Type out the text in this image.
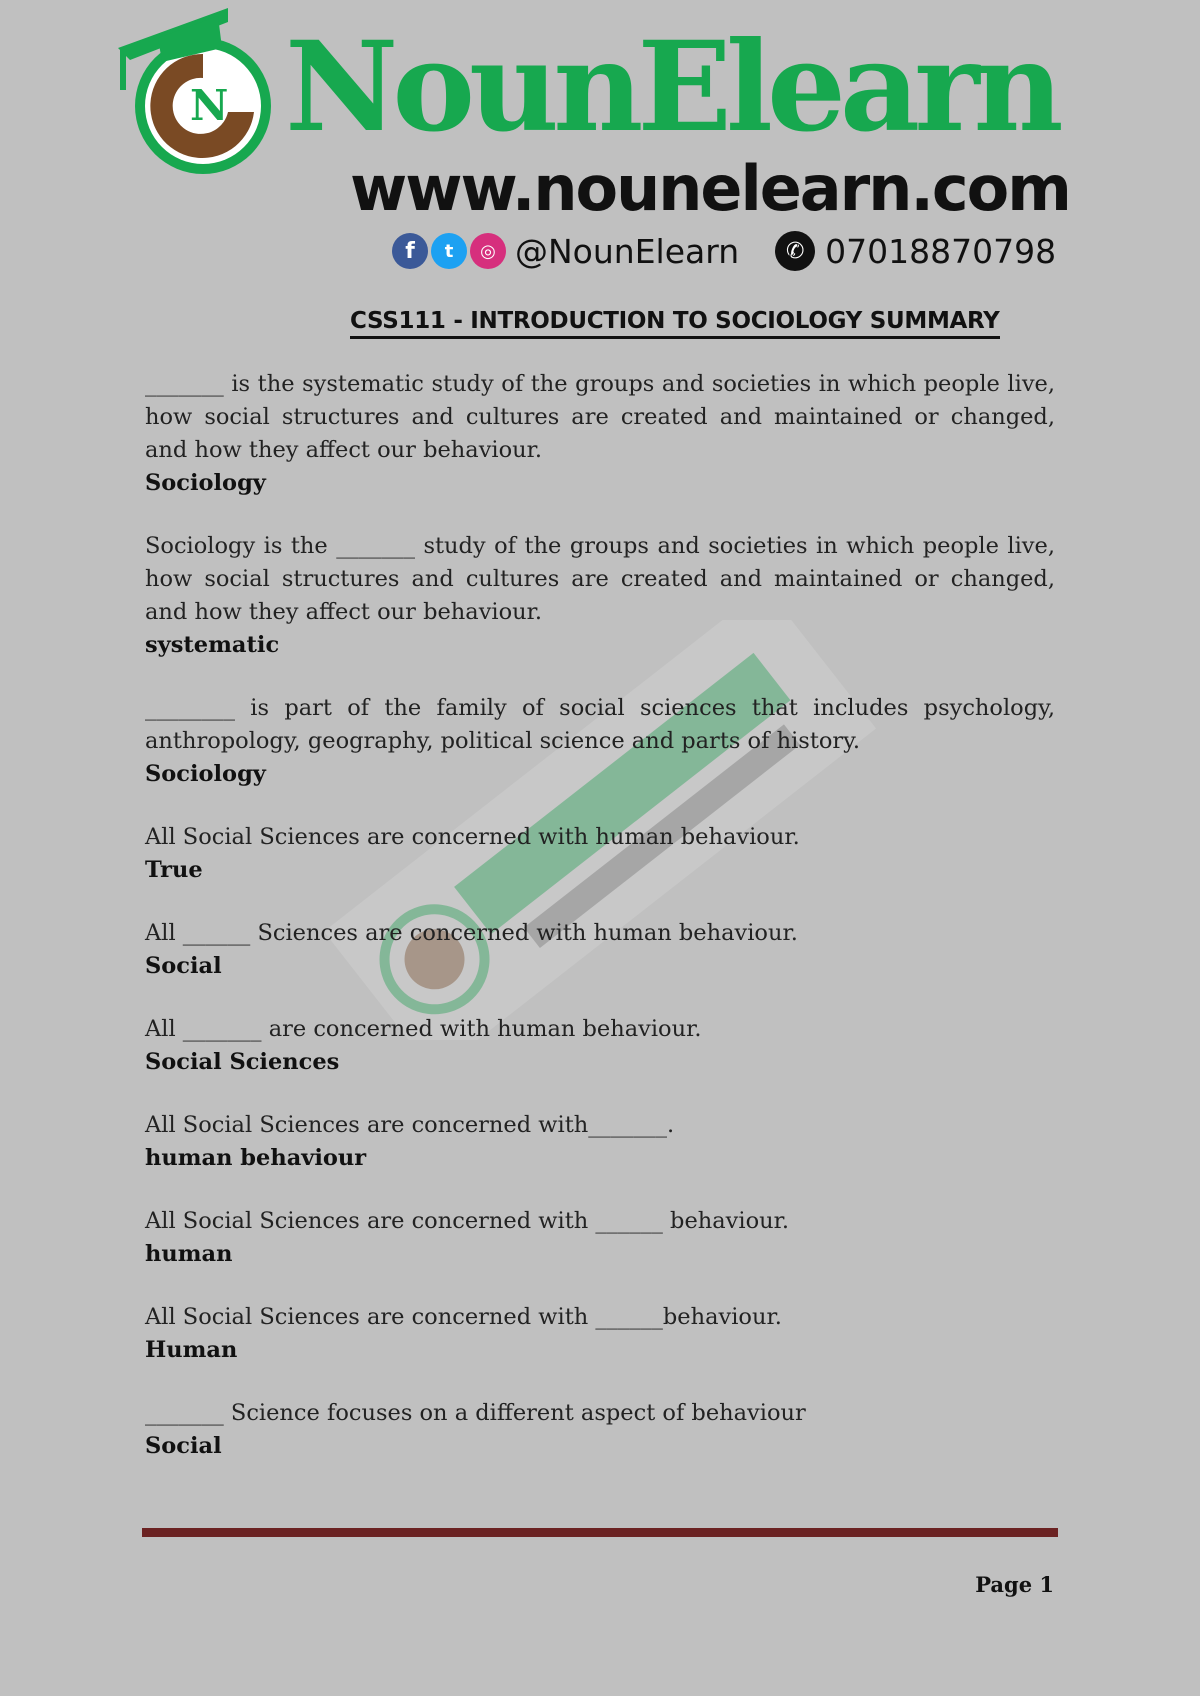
N NounElearn
www.nounelearn.com
f	t	◎ @NounElearn	✆ 07018870798
CSS111 - INTRODUCTION TO SOCIOLOGY SUMMARY

_______ is the systematic study of the groups and societies in which people live, how social structures and cultures are created and maintained or changed, and how they affect our behaviour.

Sociology

Sociology is the _______ study of the groups and societies in which people live, how social structures and cultures are created and maintained or changed, and how they affect our behaviour.

systematic

________ is part of the family of social sciences that includes psychology, anthropology, geography, political science and parts of history.

Sociology

All Social Sciences are concerned with human behaviour.

True

All ______ Sciences are concerned with human behaviour.

Social

All _______ are concerned with human behaviour.

Social Sciences

All Social Sciences are concerned with_______.

human behaviour

All Social Sciences are concerned with ______ behaviour.

human

All Social Sciences are concerned with ______behaviour.

Human

_______ Science focuses on a different aspect of behaviour

Social

Page 1
